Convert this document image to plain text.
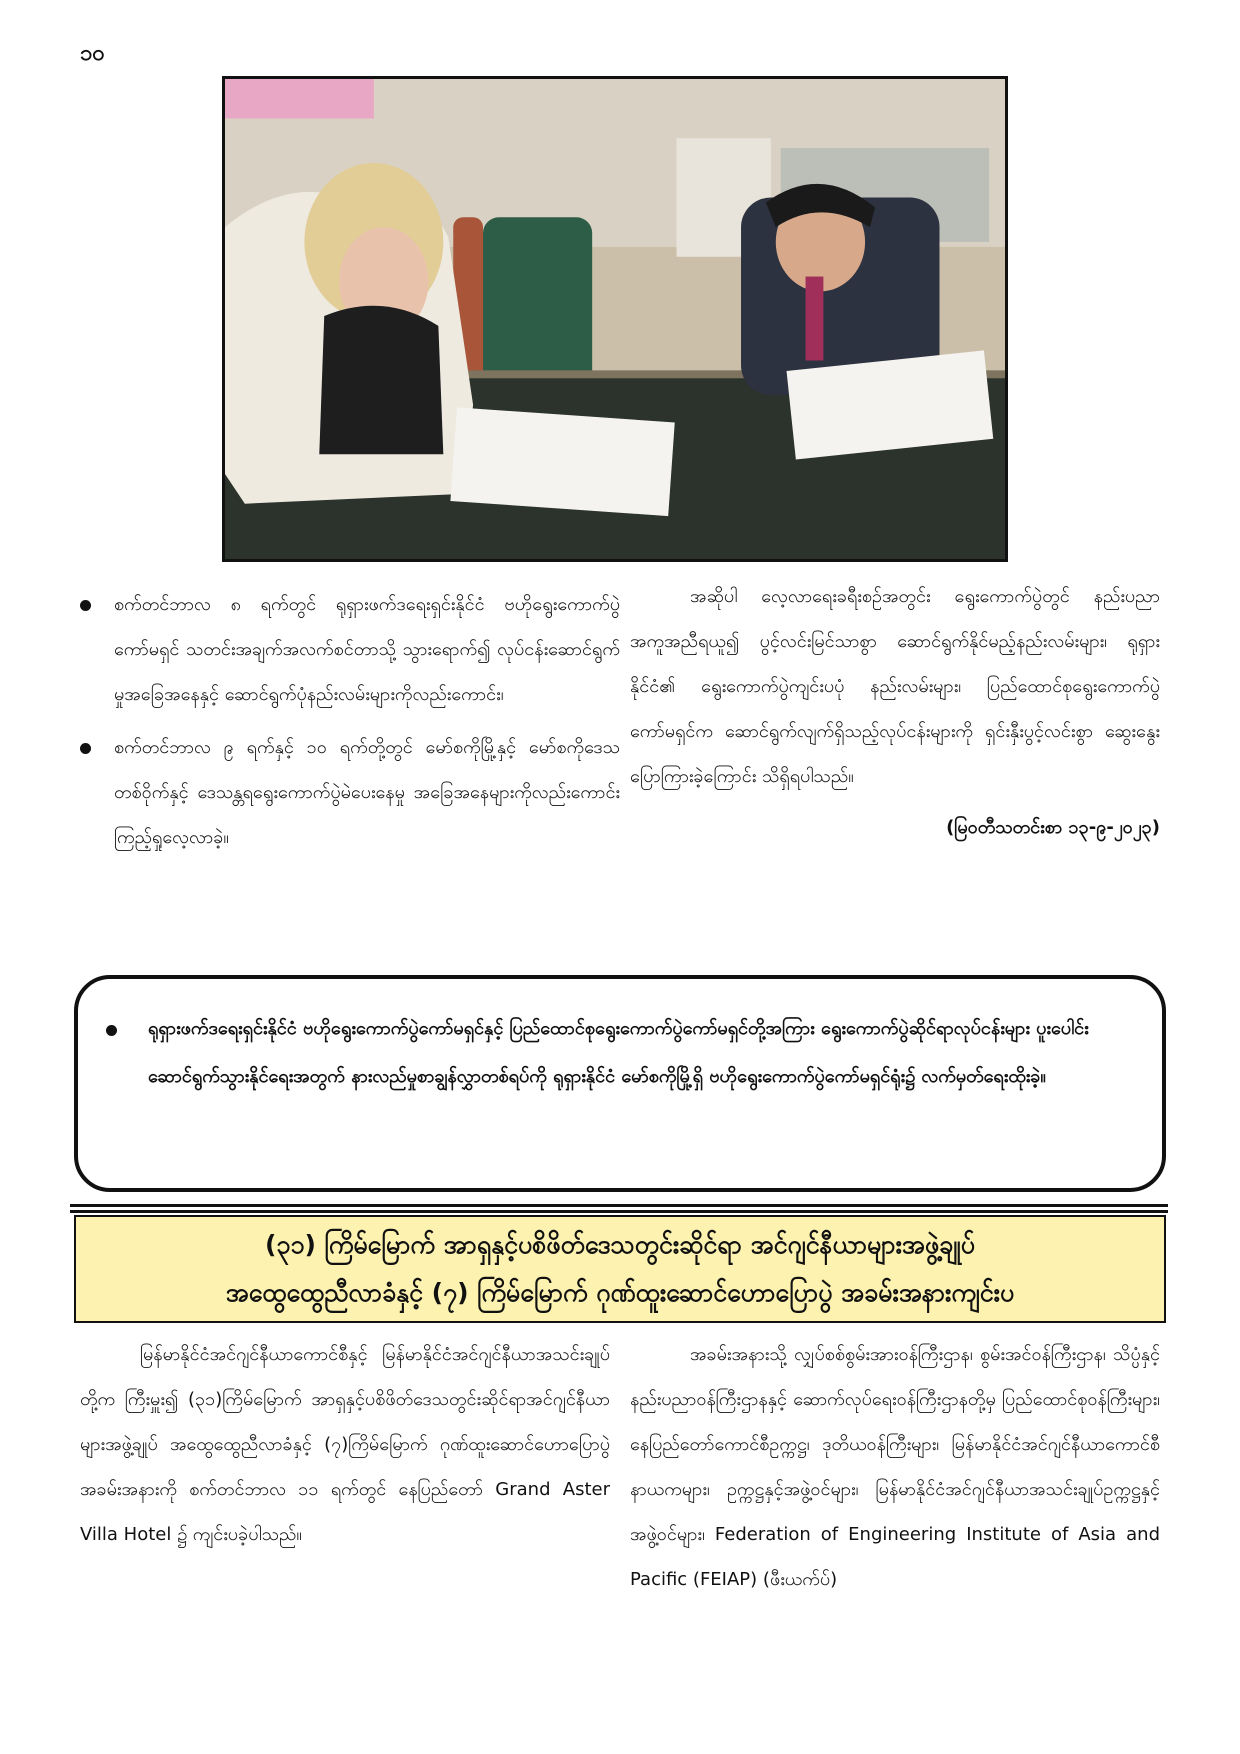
၁၀
စက်တင်ဘာလ ၈ ရက်တွင် ရုရှားဖက်ဒရေးရှင်းနိုင်ငံ ဗဟိုရွေးကောက်ပွဲကော်မရှင် သတင်းအချက်အလက်စင်တာသို့ သွားရောက်၍ လုပ်ငန်းဆောင်ရွက်မှုအခြေအနေနှင့် ဆောင်ရွက်ပုံနည်းလမ်းများကိုလည်းကောင်း၊
စက်တင်ဘာလ ၉ ရက်နှင့် ၁၀ ရက်တို့တွင် မော်စကိုမြို့နှင့် မော်စကိုဒေသတစ်ဝိုက်နှင့် ဒေသန္တရရွေးကောက်ပွဲမဲပေးနေမှု အခြေအနေများကိုလည်းကောင်း ကြည့်ရှုလေ့လာခဲ့။

အဆိုပါ လေ့လာရေးခရီးစဉ်အတွင်း ရွေးကောက်ပွဲတွင် နည်းပညာအကူအညီရယူ၍ ပွင့်လင်းမြင်သာစွာ ဆောင်ရွက်နိုင်မည့်နည်းလမ်းများ၊ ရုရှားနိုင်ငံ၏ ရွေးကောက်ပွဲကျင်းပပုံ နည်းလမ်းများ၊ ပြည်ထောင်စုရွေးကောက်ပွဲကော်မရှင်က ဆောင်ရွက်လျက်ရှိသည့်လုပ်ငန်းများကို ရှင်းနှီးပွင့်လင်းစွာ ဆွေးနွေးပြောကြားခဲ့ကြောင်း သိရှိရပါသည်။

(မြဝတီသတင်းစာ ၁၃-၉-၂၀၂၃)
ရုရှားဖက်ဒရေးရှင်းနိုင်ငံ ဗဟိုရွေးကောက်ပွဲကော်မရှင်နှင့် ပြည်ထောင်စုရွေးကောက်ပွဲကော်မရှင်တို့အကြား ရွေးကောက်ပွဲဆိုင်ရာလုပ်ငန်းများ ပူးပေါင်းဆောင်ရွက်သွားနိုင်ရေးအတွက် နားလည်မှုစာချွန်လွှာတစ်ရပ်ကို ရုရှားနိုင်ငံ မော်စကိုမြို့ရှိ ဗဟိုရွေးကောက်ပွဲကော်မရှင်ရုံး၌ လက်မှတ်ရေးထိုးခဲ့။
(၃၁) ကြိမ်မြောက် အာရှနှင့်ပစိဖိတ်ဒေသတွင်းဆိုင်ရာ အင်ဂျင်နီယာများအဖွဲ့ချုပ်
အထွေထွေညီလာခံနှင့် (၇) ကြိမ်မြောက် ဂုဏ်ထူးဆောင်ဟောပြောပွဲ အခမ်းအနားကျင်းပ

မြန်မာနိုင်ငံအင်ဂျင်နီယာကောင်စီနှင့် မြန်မာနိုင်ငံအင်ဂျင်နီယာအသင်းချုပ်တို့က ကြီးမှူး၍ (၃၁)ကြိမ်မြောက် အာရှနှင့်ပစိဖိတ်ဒေသတွင်းဆိုင်ရာအင်ဂျင်နီယာများအဖွဲ့ချုပ် အထွေထွေညီလာခံနှင့် (၇)ကြိမ်မြောက် ဂုဏ်ထူးဆောင်ဟောပြောပွဲ အခမ်းအနားကို စက်တင်ဘာလ ၁၁ ရက်တွင် နေပြည်တော် Grand Aster Villa Hotel ၌ ကျင်းပခဲ့ပါသည်။

အခမ်းအနားသို့ လျှပ်စစ်စွမ်းအားဝန်ကြီးဌာန၊ စွမ်းအင်ဝန်ကြီးဌာန၊ သိပ္ပံနှင့် နည်းပညာဝန်ကြီးဌာနနှင့် ဆောက်လုပ်ရေးဝန်ကြီးဌာနတို့မှ ပြည်ထောင်စုဝန်ကြီးများ၊ နေပြည်တော်ကောင်စီဥက္ကဋ္ဌ၊ ဒုတိယဝန်ကြီးများ၊ မြန်မာနိုင်ငံအင်ဂျင်နီယာကောင်စီ နာယကများ၊ ဥက္ကဋ္ဌနှင့်အဖွဲ့ဝင်များ၊ မြန်မာနိုင်ငံအင်ဂျင်နီယာအသင်းချုပ်ဥက္ကဋ္ဌနှင့် အဖွဲ့ဝင်များ၊ Federation of Engineering Institute of Asia and Pacific (FEIAP) (ဖီးယက်ပ်)
